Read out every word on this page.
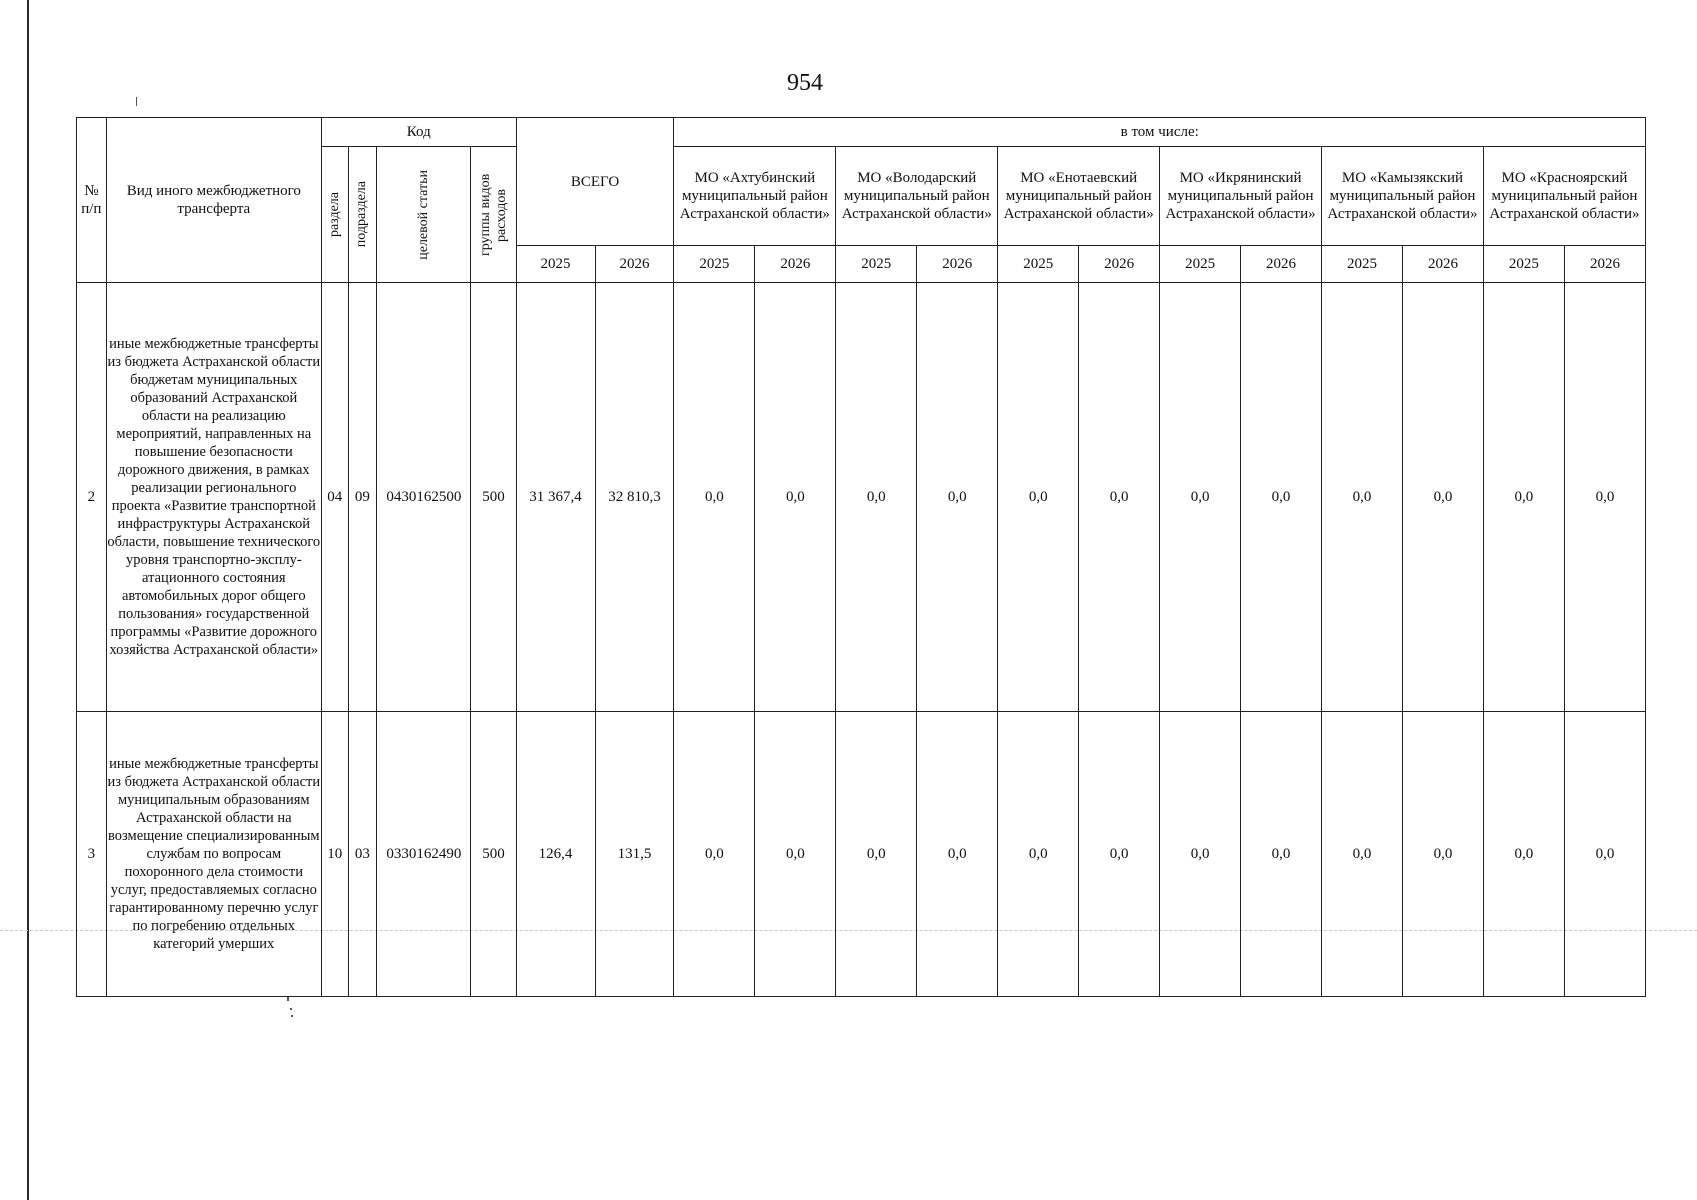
954
№ п/п	Вид иного межбюджетного трансферта	Код				ВСЕГО		в том числе:											

		раздела	подраздела	целевой статьи	группы видов расходов			МО «Ахтубинский муниципальный район Астраханской области»		МО «Володарский муниципальный район Астраханской области»		МО «Енотаевский муниципальный район Астраханской области»		МО «Икрянинский муниципальный район Астраханской области»		МО «Камызякский муниципальный район Астраханской области»		МО «Красноярский муниципальный район Астраханской области»	
						2025	2026	2025	2026	2025	2026	2025	2026	2025	2026	2025	2026	2025	2026
2	иные межбюджетные трансферты из бюджета Астраханской области бюджетам муниципальных образований Астраханской области на реализацию мероприятий, направленных на повышение безопасности дорожного движения, в рамках реализации регионального проекта «Развитие транспортной инфраструктуры Астраханской области, повышение технического уровня транспортно-эксплу-атационного состояния автомобильных дорог общего пользования» государственной программы «Развитие дорожного хозяйства Астраханской области»	04	09	0430162500	500	31 367,4	32 810,3	0,0	0,0	0,0	0,0	0,0	0,0	0,0	0,0	0,0	0,0	0,0	0,0
3	иные межбюджетные трансферты из бюджета Астраханской области муниципальным образованиям Астраханской области на возмещение специализированным службам по вопросам похоронного дела стоимости услуг, предоставляемых согласно гарантированному перечню услуг по погребению отдельных категорий умерших	10	03	0330162490	500	126,4	131,5	0,0	0,0	0,0	0,0	0,0	0,0	0,0	0,0	0,0	0,0	0,0	0,0
